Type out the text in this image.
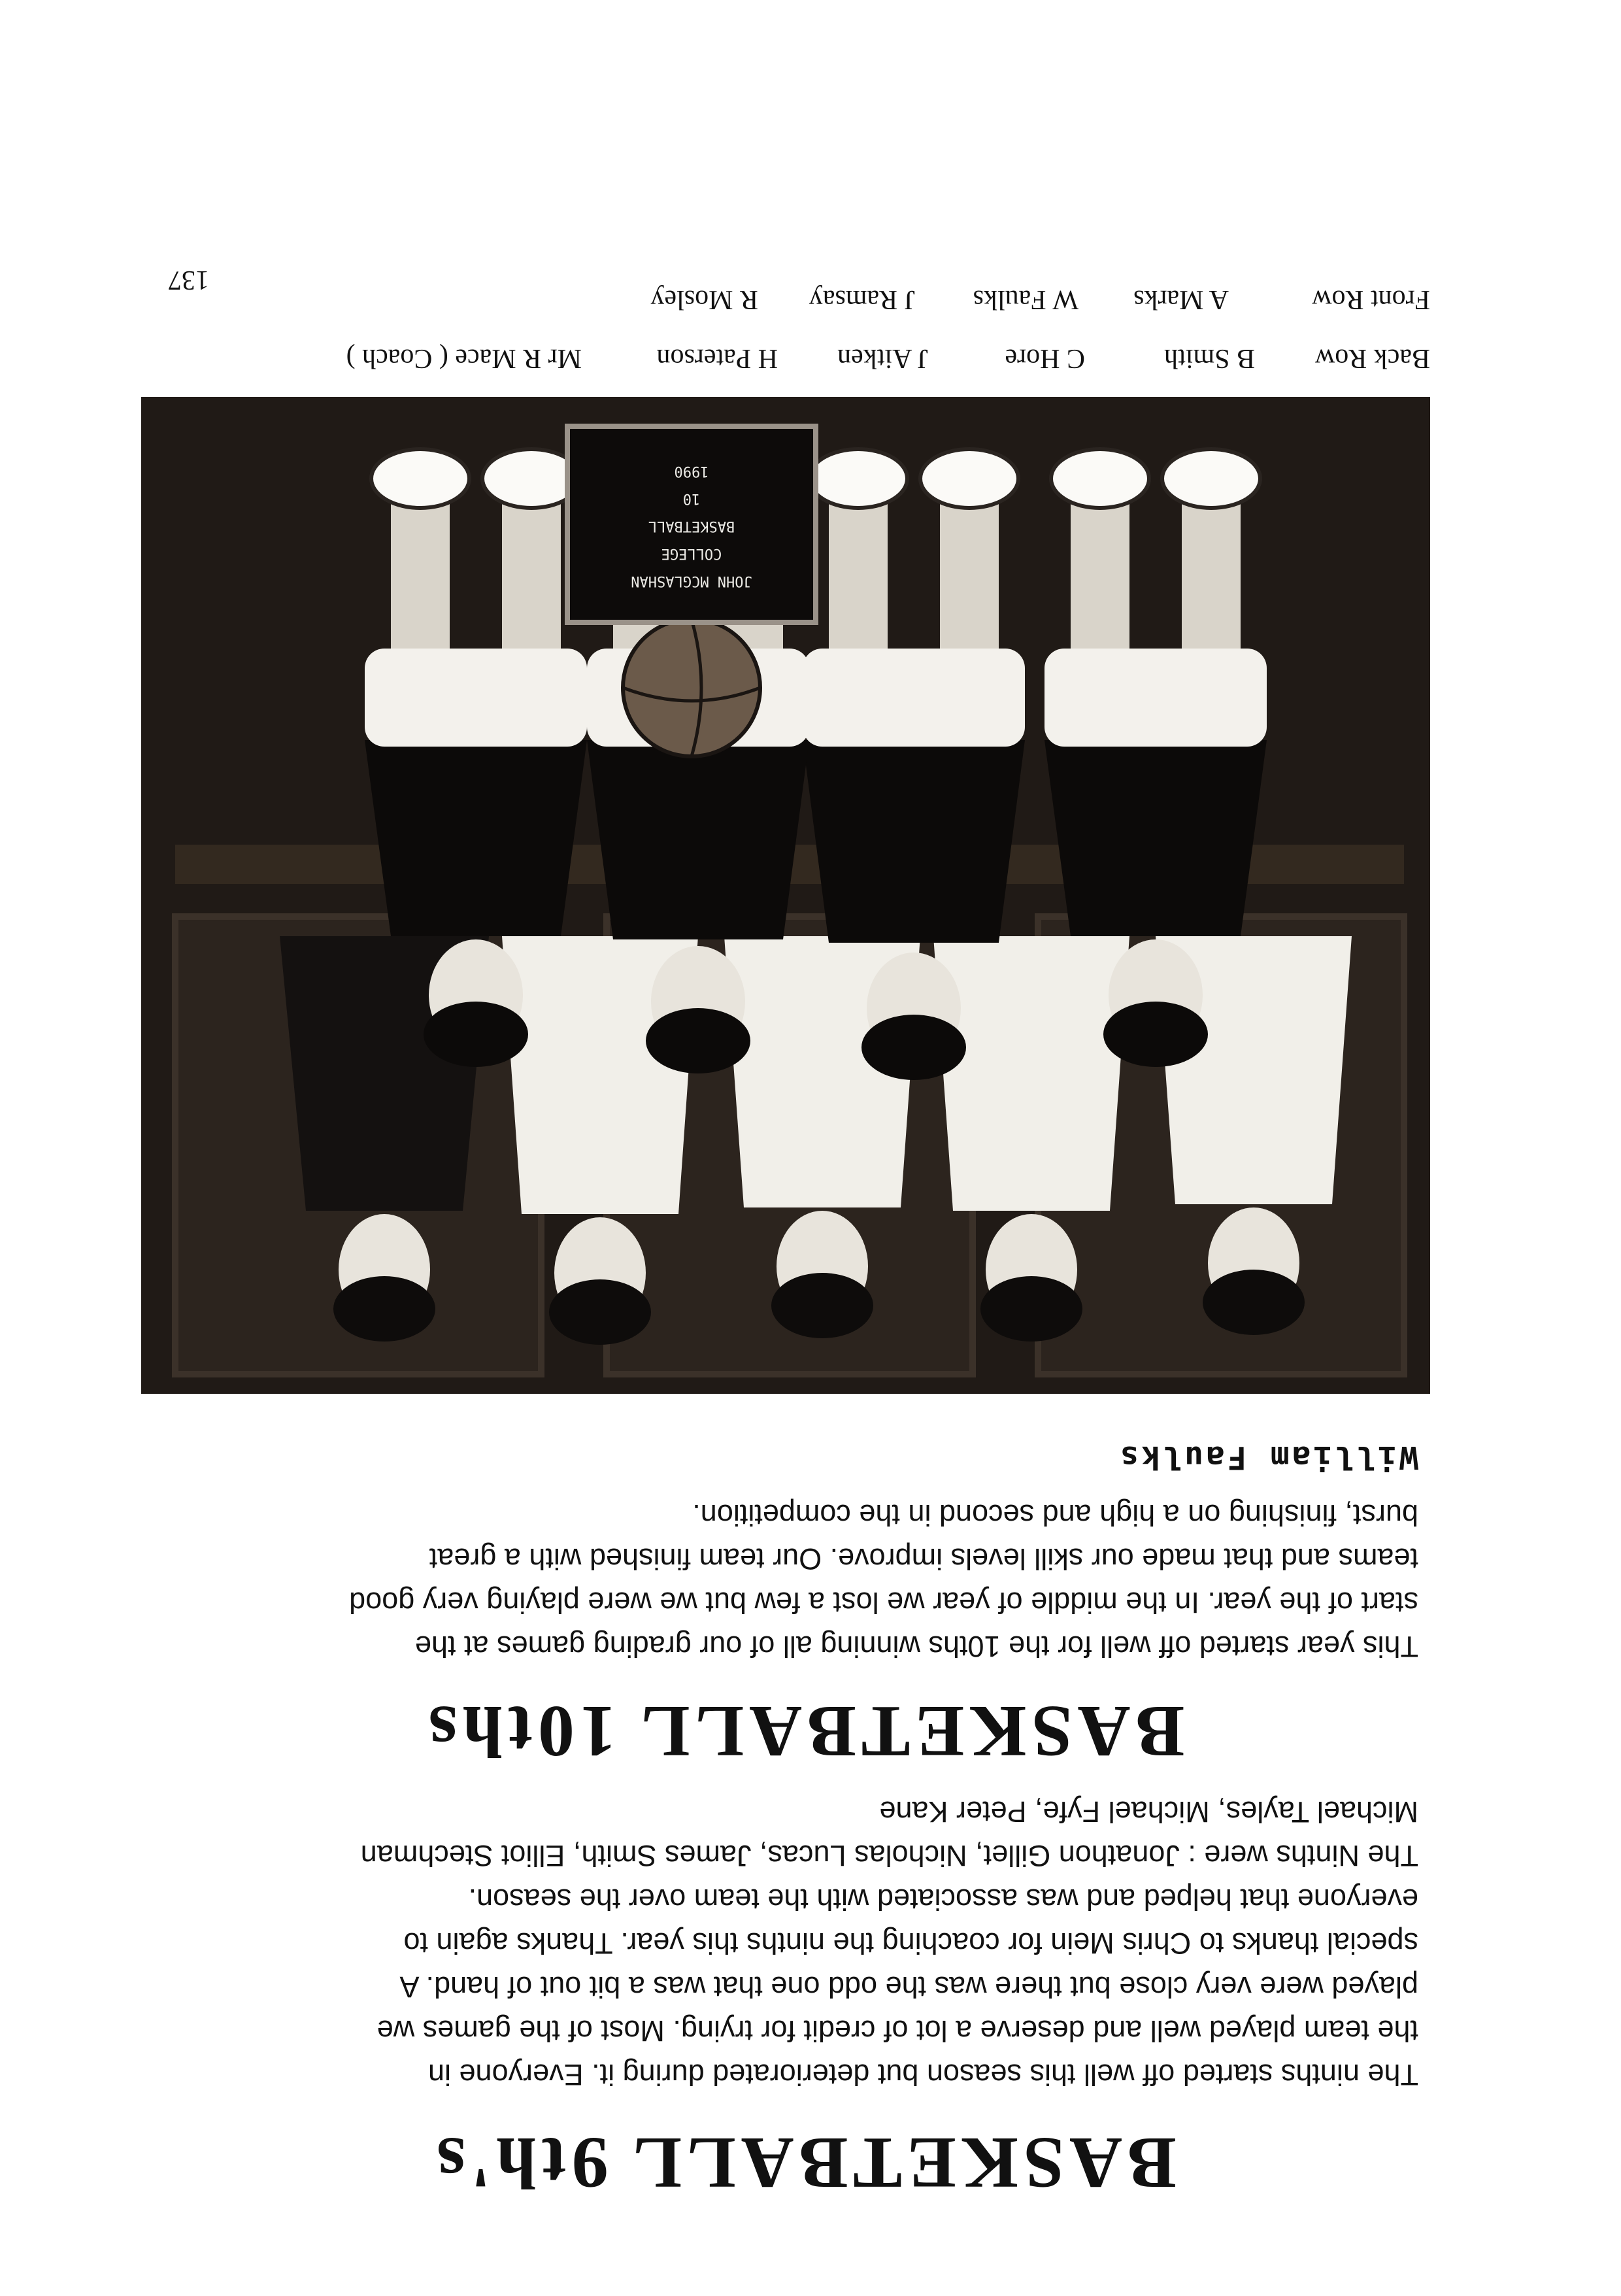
BASKETBALL 9th's
The ninths started off well this season but deteriorated during it. Everyone in
the team played well and deserve a lot of credit for trying. Most of the games we
played were very close but there was the odd one that was a bit out of hand. A
special thanks to Chris Mein for coaching the ninths this year. Thanks again to
everyone that helped and was associated with the team over the season.
The Ninths were : Jonathon Gillet, Nicholas Lucas, James Smith, Elliot Stechman
Michael Tayles, Michael Fyfe, Peter Kane
BASKETBALL 10ths
This year started off well for the 10ths winning all of our grading games at the
start of the year. In the middle of year we lost a few but we were playing very good
teams and that made our skill levels improve. Our team finished with a great
burst, finishing on a high and second in the competition.
William Faulks
JOHN MCGLASHAN
COLLEGE
BASKETBALL
10
1990
Back Row
B Smith
C Hore
J Aitken
H Paterson
Mr R Mace ( Coach )
Front Row
A Marks
W Faulks
J Ramsay
R Mosley
137
